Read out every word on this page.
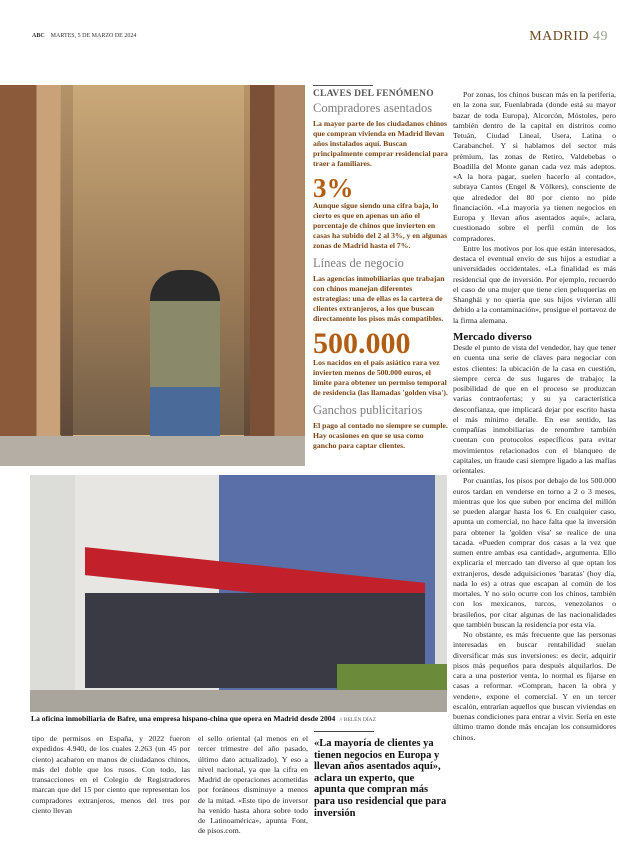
ABC MARTES, 5 DE MARZO DE 2024	MADRID 49
CLAVES DEL FENÓMENO
Compradores asentados
La mayor parte de los ciudadanos chinos que compran vivienda en Madrid llevan años instalados aquí. Buscan principalmente comprar residencial para traer a familiares.
3%
Aunque sigue siendo una cifra baja, lo cierto es que en apenas un año el porcentaje de chinos que invierten en casas ha subido del 2 al 3%, y en algunas zonas de Madrid hasta el 7%.
Líneas de negocio
Las agencias inmobiliarias que trabajan con chinos manejan diferentes estrategias: una de ellas es la cartera de clientes extranjeros, a los que buscan directamente los pisos más compatibles.
500.000
Los nacidos en el país asiático rara vez invierten menos de 500.000 euros, el límite para obtener un permiso temporal de residencia (las llamadas 'golden visa').
Ganchos publicitarios
El pago al contado no siempre se cumple. Hay ocasiones en que se usa como gancho para captar clientes.

Por zonas, los chinos buscan más en la periferia, en la zona sur, Fuenlabrada (donde está su mayor bazar de toda Europa), Alcorcón, Móstoles, pero también dentro de la capital en distritos como Tetuán, Ciudad Lineal, Usera, Latina o Carabanchel. Y si hablamos del sector más prémium, las zonas de Retiro, Valdebebas o Boadilla del Monte ganan cada vez más adeptos. «A la hora pagar, suelen hacerlo al contado», subraya Cantos (Engel & Völkers), consciente de que alrededor del 80 por ciento no pide financiación. «La mayoría ya tienen negocios en Europa y llevan años asentados aquí», aclara, cuestionado sobre el perfil común de los compradores.

Entre los motivos por los que están interesados, destaca el eventual envío de sus hijos a estudiar a universidades occidentales. «La finalidad es más residencial que de inversión. Por ejemplo, recuerdo el caso de una mujer que tiene cien peluquerías en Shanghái y no quería que sus hijos vivieran allí debido a la contaminación», prosigue el portavoz de la firma alemana.

Mercado diverso

Desde el punto de vista del vendedor, hay que tener en cuenta una serie de claves para negociar con estos clientes: la ubicación de la casa en cuestión, siempre cerca de sus lugares de trabajo; la posibilidad de que en el proceso se produzcan varias contraofertas; y su ya característica desconfianza, que implicará dejar por escrito hasta el más mínimo detalle. En ese sentido, las compañías inmobiliarias de renombre también cuentan con protocolos específicos para evitar movimientos relacionados con el blanqueo de capitales, un fraude casi siempre ligado a las mafias orientales.

Por cuantías, los pisos por debajo de los 500.000 euros tardan en venderse en torno a 2 o 3 meses, mientras que los que suben por encima del millón se pueden alargar hasta los 6. En cualquier caso, apunta un comercial, no hace falta que la inversión para obtener la 'golden visa' se realice de una tacada. «Pueden comprar dos casas a la vez que sumen entre ambas esa cantidad», argumenta. Ello explicaría el mercado tan diverso al que optan los extranjeros, desde adquisiciones 'baratas' (hoy día, nada lo es) a otras que escapan al común de los mortales. Y no solo ocurre con los chinos, también con los mexicanos, turcos, venezolanos o brasileños, por citar algunas de las nacionalidades que también buscan la residencia por esta vía.

No obstante, es más frecuente que las personas interesadas en buscar rentabilidad suelan diversificar más sus inversiones: es decir, adquirir pisos más pequeños para después alquilarlos. De cara a una posterior venta, lo normal es fijarse en casas a reformar. «Compran, hacen la obra y venden», expone el comercial. Y en un tercer escalón, entrarían aquellos que buscan viviendas en buenas condiciones para entrar a vivir. Sería en este último tramo donde más encajan los consumidores chinos.

La oficina inmobiliaria de Bafre, una empresa hispano-china que opera en Madrid desde 2004 // BELÉN DÍAZ

tipo de permisos en España, y 2022 fueron expedidos 4.940, de los cuales 2.263 (un 45 por ciento) acabaron en manos de ciudadanos chinos, más del doble que los rusos. Con todo, las transacciones en el Colegio de Registradores marcan que del 15 por ciento que representan los compradores extranjeros, menos del tres por ciento llevan

el sello oriental (al menos en el tercer trimestre del año pasado, último dato actualizado). Y eso a nivel nacional, ya que la cifra en Madrid de operaciones acometidas por foráneos disminuye a menos de la mitad. «Este tipo de inversor ha venido hasta ahora sobre todo de Latinoamérica», apunta Font, de pisos.com.

«La mayoría de clientes ya tienen negocios en Europa y llevan años asentados aquí», aclara un experto, que apunta que compran más para uso residencial que para inversión
